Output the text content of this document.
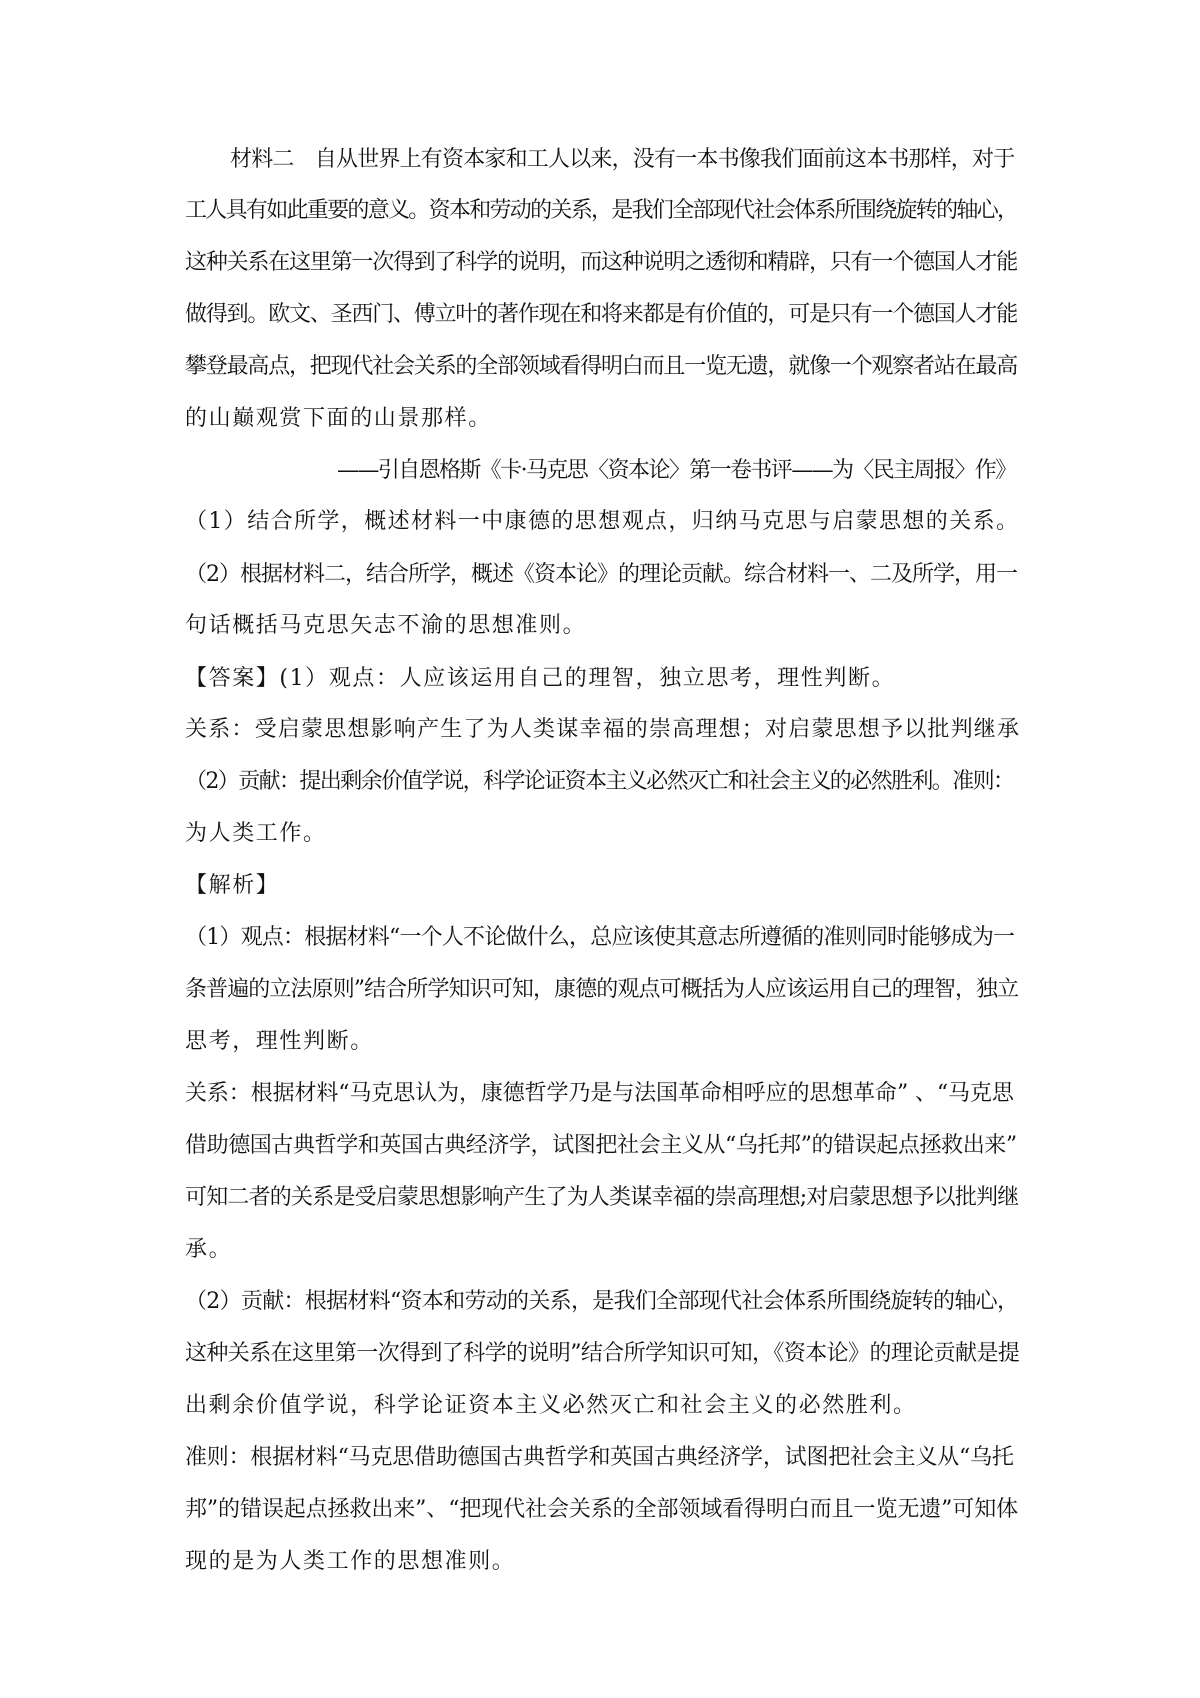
材料二　自从世界上有资本家和工人以来，没有一本书像我们面前这本书那样，对于
工人具有如此重要的意义。资本和劳动的关系，是我们全部现代社会体系所围绕旋转的轴心，
这种关系在这里第一次得到了科学的说明，而这种说明之透彻和精辟，只有一个德国人才能
做得到。欧文、圣西门、傅立叶的著作现在和将来都是有价值的，可是只有一个德国人才能
攀登最高点，把现代社会关系的全部领域看得明白而且一览无遗，就像一个观察者站在最高
的山巅观赏下面的山景那样。
——引自恩格斯《卡·马克思〈资本论〉第一卷书评——为〈民主周报〉作》
（1）结合所学，概述材料一中康德的思想观点，归纳马克思与启蒙思想的关系。
（2）根据材料二，结合所学，概述《资本论》的理论贡献。综合材料一、二及所学，用一
句话概括马克思矢志不渝的思想准则。
【答案】(1）观点：人应该运用自己的理智，独立思考，理性判断。
关系：受启蒙思想影响产生了为人类谋幸福的崇高理想；对启蒙思想予以批判继承
（2）贡献：提出剩余价值学说，科学论证资本主义必然灭亡和社会主义的必然胜利。准则：
为人类工作。
【解析】
（1）观点：根据材料“一个人不论做什么，总应该使其意志所遵循的准则同时能够成为一
条普遍的立法原则”结合所学知识可知，康德的观点可概括为人应该运用自己的理智，独立
思考，理性判断。
关系：根据材料“马克思认为，康德哲学乃是与法国革命相呼应的思想革命” 、“马克思
借助德国古典哲学和英国古典经济学，试图把社会主义从“乌托邦”的错误起点拯救出来”
可知二者的关系是受启蒙思想影响产生了为人类谋幸福的崇高理想;对启蒙思想予以批判继
承。
（2）贡献：根据材料“资本和劳动的关系，是我们全部现代社会体系所围绕旋转的轴心，
这种关系在这里第一次得到了科学的说明”结合所学知识可知，《资本论》的理论贡献是提
出剩余价值学说，科学论证资本主义必然灭亡和社会主义的必然胜利。
准则：根据材料“马克思借助德国古典哲学和英国古典经济学，试图把社会主义从“乌托
邦”的错误起点拯救出来”、“把现代社会关系的全部领域看得明白而且一览无遗”可知体
现的是为人类工作的思想准则。
